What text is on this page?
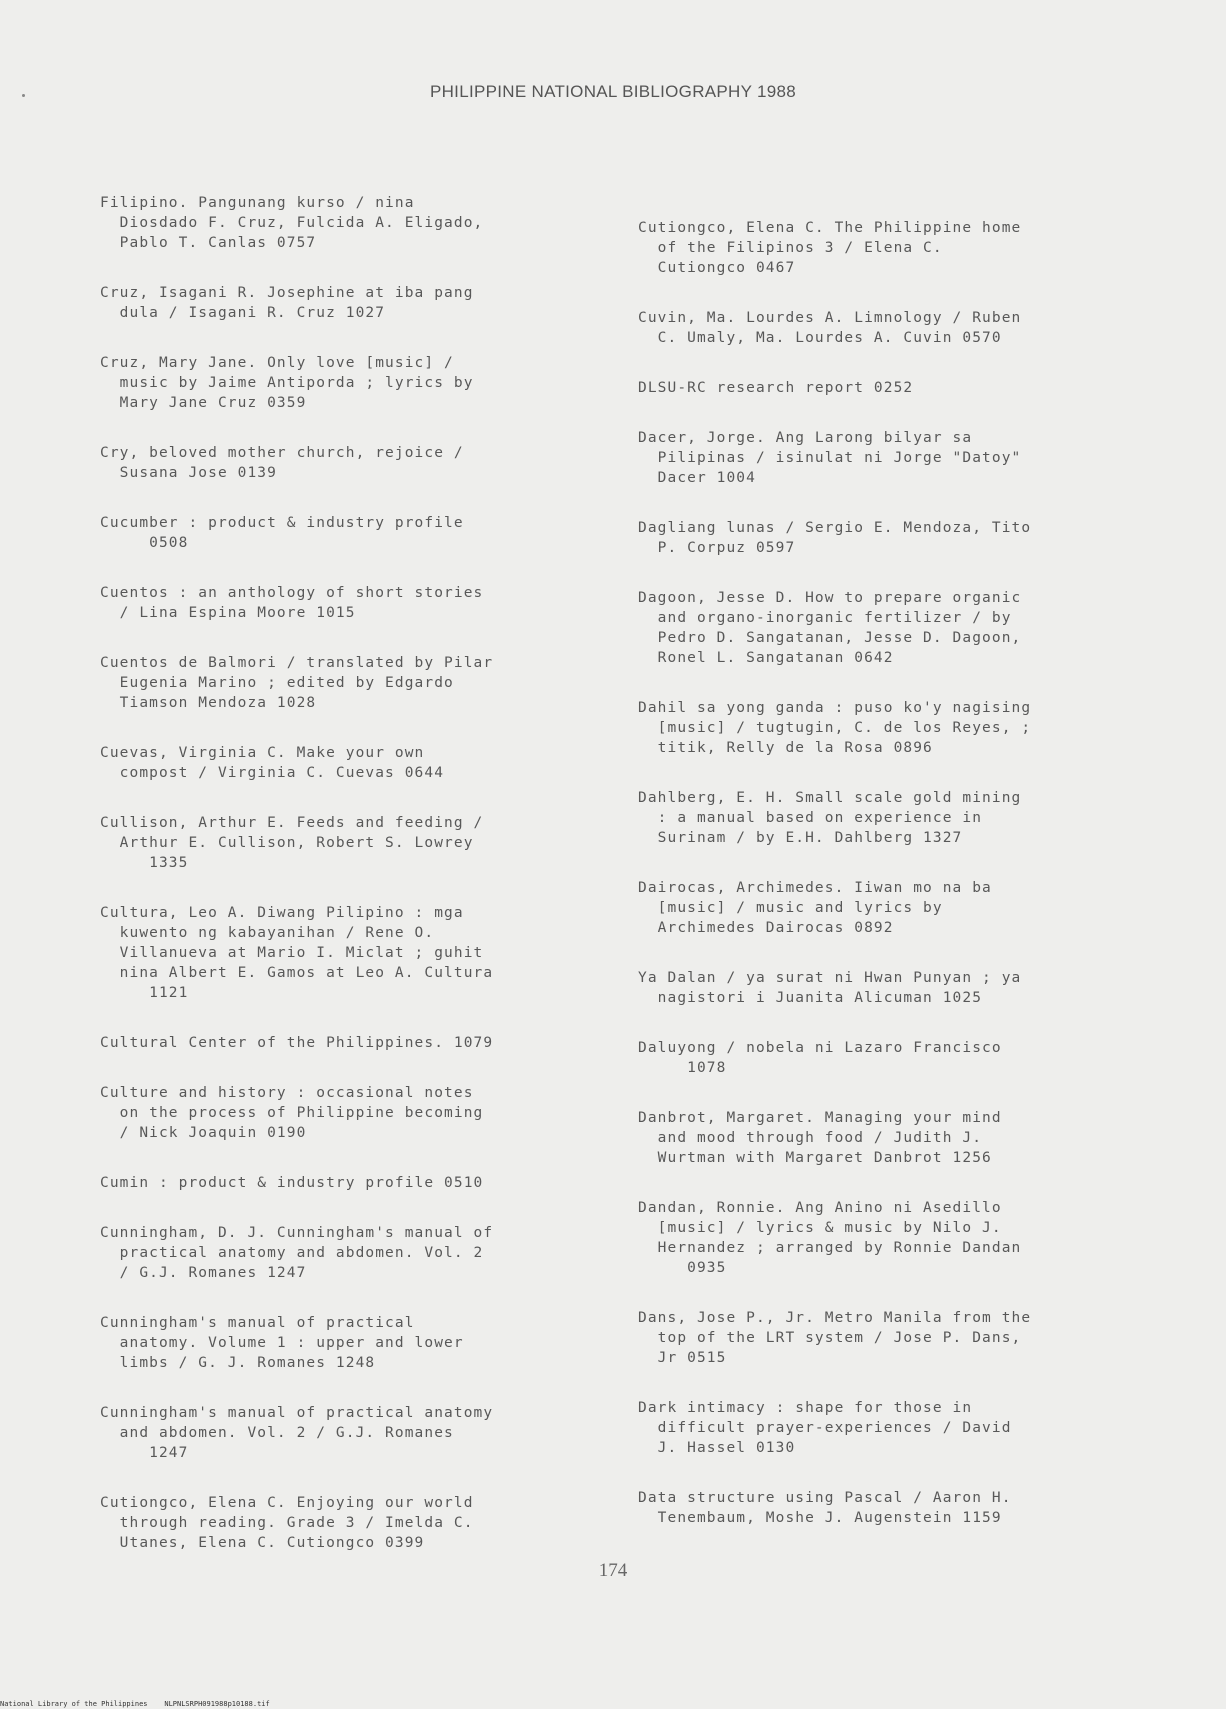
PHILIPPINE NATIONAL BIBLIOGRAPHY 1988
Filipino. Pangunang kurso / nina
Diosdado F. Cruz, Fulcida A. Eligado,
Pablo T. Canlas 0757
Cruz, Isagani R. Josephine at iba pang
dula / Isagani R. Cruz 1027
Cruz, Mary Jane. Only love [music] /
music by Jaime Antiporda ; lyrics by
Mary Jane Cruz 0359
Cry, beloved mother church, rejoice /
Susana Jose 0139
Cucumber : product & industry profile
0508
Cuentos : an anthology of short stories
/ Lina Espina Moore 1015
Cuentos de Balmori / translated by Pilar
Eugenia Marino ; edited by Edgardo
Tiamson Mendoza 1028
Cuevas, Virginia C. Make your own
compost / Virginia C. Cuevas 0644
Cullison, Arthur E. Feeds and feeding /
Arthur E. Cullison, Robert S. Lowrey
1335
Cultura, Leo A. Diwang Pilipino : mga
kuwento ng kabayanihan / Rene O.
Villanueva at Mario I. Miclat ; guhit
nina Albert E. Gamos at Leo A. Cultura
1121
Cultural Center of the Philippines. 1079
Culture and history : occasional notes
on the process of Philippine becoming
/ Nick Joaquin 0190
Cumin : product & industry profile 0510
Cunningham, D. J. Cunningham's manual of
practical anatomy and abdomen. Vol. 2
/ G.J. Romanes 1247
Cunningham's manual of practical
anatomy. Volume 1 : upper and lower
limbs / G. J. Romanes 1248
Cunningham's manual of practical anatomy
and abdomen. Vol. 2 / G.J. Romanes
1247
Cutiongco, Elena C. Enjoying our world
through reading. Grade 3 / Imelda C.
Utanes, Elena C. Cutiongco 0399
Cutiongco, Elena C. The Philippine home
of the Filipinos 3 / Elena C.
Cutiongco 0467
Cuvin, Ma. Lourdes A. Limnology / Ruben
C. Umaly, Ma. Lourdes A. Cuvin 0570
DLSU-RC research report 0252
Dacer, Jorge. Ang Larong bilyar sa
Pilipinas / isinulat ni Jorge "Datoy"
Dacer 1004
Dagliang lunas / Sergio E. Mendoza, Tito
P. Corpuz 0597
Dagoon, Jesse D. How to prepare organic
and organo-inorganic fertilizer / by
Pedro D. Sangatanan, Jesse D. Dagoon,
Ronel L. Sangatanan 0642
Dahil sa yong ganda : puso ko'y nagising
[music] / tugtugin, C. de los Reyes, ;
titik, Relly de la Rosa 0896
Dahlberg, E. H. Small scale gold mining
: a manual based on experience in
Surinam / by E.H. Dahlberg 1327
Dairocas, Archimedes. Iiwan mo na ba
[music] / music and lyrics by
Archimedes Dairocas 0892
Ya Dalan / ya surat ni Hwan Punyan ; ya
nagistori i Juanita Alicuman 1025
Daluyong / nobela ni Lazaro Francisco
1078
Danbrot, Margaret. Managing your mind
and mood through food / Judith J.
Wurtman with Margaret Danbrot 1256
Dandan, Ronnie. Ang Anino ni Asedillo
[music] / lyrics & music by Nilo J.
Hernandez ; arranged by Ronnie Dandan
0935
Dans, Jose P., Jr. Metro Manila from the
top of the LRT system / Jose P. Dans,
Jr 0515
Dark intimacy : shape for those in
difficult prayer-experiences / David
J. Hassel 0130
Data structure using Pascal / Aaron H.
Tenembaum, Moshe J. Augenstein 1159
174
National Library of the Philippines    NLPNLSRPH091988p10188.tif
